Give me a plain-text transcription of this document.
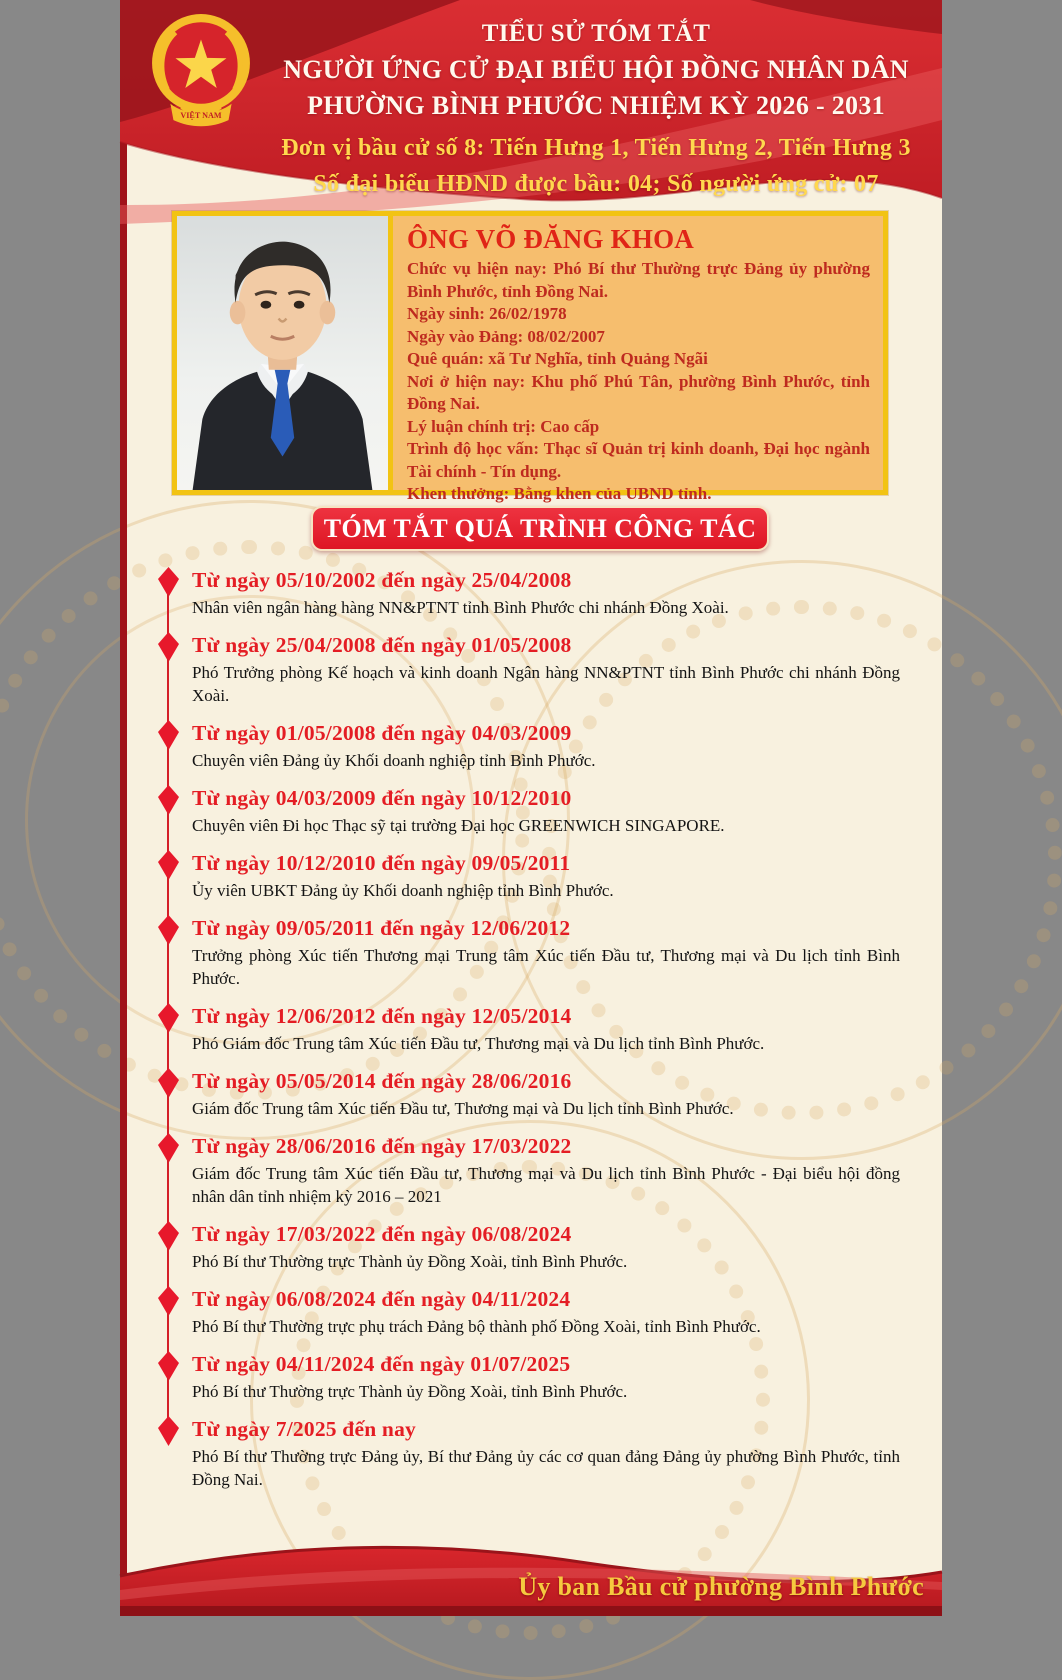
VIỆT NAM
TIỂU SỬ TÓM TẮT
NGƯỜI ỨNG CỬ ĐẠI BIỂU HỘI ĐỒNG NHÂN DÂN
PHƯỜNG BÌNH PHƯỚC NHIỆM KỲ 2026 - 2031
Đơn vị bầu cử số 8: Tiến Hưng 1, Tiến Hưng 2, Tiến Hưng 3
Số đại biểu HĐND được bầu: 04; Số người ứng cử: 07
ÔNG VÕ ĐĂNG KHOA
Chức vụ hiện nay: Phó Bí thư Thường trực Đảng ủy phường Bình Phước, tỉnh Đồng Nai.
Ngày sinh: 26/02/1978
Ngày vào Đảng: 08/02/2007
Quê quán: xã Tư Nghĩa, tỉnh Quảng Ngãi
Nơi ở hiện nay: Khu phố Phú Tân, phường Bình Phước, tỉnh Đồng Nai.
Lý luận chính trị: Cao cấp
Trình độ học vấn: Thạc sĩ Quản trị kinh doanh, Đại học ngành Tài chính - Tín dụng.
Khen thưởng: Bằng khen của UBND tỉnh.
TÓM TẮT QUÁ TRÌNH CÔNG TÁC
Từ ngày 05/10/2002 đến ngày 25/04/2008
Nhân viên ngân hàng hàng NN&PTNT tỉnh Bình Phước chi nhánh Đồng Xoài.
Từ ngày 25/04/2008 đến ngày 01/05/2008
Phó Trưởng phòng Kế hoạch và kinh doanh Ngân hàng NN&PTNT tỉnh Bình Phước chi nhánh Đồng Xoài.
Từ ngày 01/05/2008 đến ngày 04/03/2009
Chuyên viên Đảng ủy Khối doanh nghiệp tỉnh Bình Phước.
Từ ngày 04/03/2009 đến ngày 10/12/2010
Chuyên viên Đi học Thạc sỹ tại trường Đại học GREENWICH SINGAPORE.
Từ ngày 10/12/2010 đến ngày 09/05/2011
Ủy viên UBKT Đảng ủy Khối doanh nghiệp tỉnh Bình Phước.
Từ ngày 09/05/2011 đến ngày 12/06/2012
Trưởng phòng Xúc tiến Thương mại Trung tâm Xúc tiến Đầu tư, Thương mại và Du lịch tỉnh Bình Phước.
Từ ngày 12/06/2012 đến ngày 12/05/2014
Phó Giám đốc Trung tâm Xúc tiến Đầu tư, Thương mại và Du lịch tỉnh Bình Phước.
Từ ngày 05/05/2014 đến ngày 28/06/2016
Giám đốc Trung tâm Xúc tiến Đầu tư, Thương mại và Du lịch tỉnh Bình Phước.
Từ ngày 28/06/2016 đến ngày 17/03/2022
Giám đốc Trung tâm Xúc tiến Đầu tư, Thương mại và Du lịch tỉnh Bình Phước - Đại biểu hội đồng nhân dân tỉnh nhiệm kỳ 2016 – 2021
Từ ngày 17/03/2022 đến ngày 06/08/2024
Phó Bí thư Thường trực Thành ủy Đồng Xoài, tỉnh Bình Phước.
Từ ngày 06/08/2024 đến ngày 04/11/2024
Phó Bí thư Thường trực phụ trách Đảng bộ thành phố Đồng Xoài, tỉnh Bình Phước.
Từ ngày 04/11/2024 đến ngày 01/07/2025
Phó Bí thư Thường trực Thành ủy Đồng Xoài, tỉnh Bình Phước.
Từ ngày 7/2025 đến nay
Phó Bí thư Thường trực Đảng ủy, Bí thư Đảng ủy các cơ quan đảng Đảng ủy phường Bình Phước, tỉnh Đồng Nai.
Ủy ban Bầu cử phường Bình Phước
